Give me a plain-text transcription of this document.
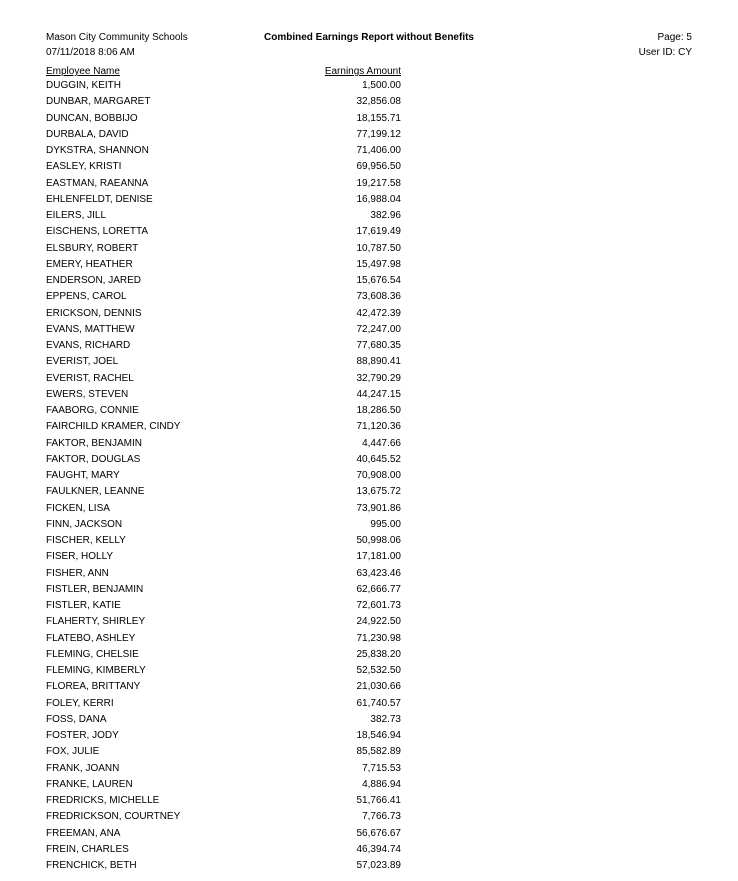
Mason City Community Schools
07/11/2018 8:06 AM
Combined Earnings Report without Benefits	Page: 5
User ID: CY
Employee Name	Earnings Amount
DUGGIN, KEITH	1,500.00
DUNBAR, MARGARET	32,856.08
DUNCAN, BOBBIJO	18,155.71
DURBALA, DAVID	77,199.12
DYKSTRA, SHANNON	71,406.00
EASLEY, KRISTI	69,956.50
EASTMAN, RAEANNA	19,217.58
EHLENFELDT, DENISE	16,988.04
EILERS, JILL	382.96
EISCHENS, LORETTA	17,619.49
ELSBURY, ROBERT	10,787.50
EMERY, HEATHER	15,497.98
ENDERSON, JARED	15,676.54
EPPENS, CAROL	73,608.36
ERICKSON, DENNIS	42,472.39
EVANS, MATTHEW	72,247.00
EVANS, RICHARD	77,680.35
EVERIST, JOEL	88,890.41
EVERIST, RACHEL	32,790.29
EWERS, STEVEN	44,247.15
FAABORG, CONNIE	18,286.50
FAIRCHILD KRAMER, CINDY	71,120.36
FAKTOR, BENJAMIN	4,447.66
FAKTOR, DOUGLAS	40,645.52
FAUGHT, MARY	70,908.00
FAULKNER, LEANNE	13,675.72
FICKEN, LISA	73,901.86
FINN, JACKSON	995.00
FISCHER, KELLY	50,998.06
FISER, HOLLY	17,181.00
FISHER, ANN	63,423.46
FISTLER, BENJAMIN	62,666.77
FISTLER, KATIE	72,601.73
FLAHERTY, SHIRLEY	24,922.50
FLATEBO, ASHLEY	71,230.98
FLEMING, CHELSIE	25,838.20
FLEMING, KIMBERLY	52,532.50
FLOREA, BRITTANY	21,030.66
FOLEY, KERRI	61,740.57
FOSS, DANA	382.73
FOSTER, JODY	18,546.94
FOX, JULIE	85,582.89
FRANK, JOANN	7,715.53
FRANKE, LAUREN	4,886.94
FREDRICKS, MICHELLE	51,766.41
FREDRICKSON, COURTNEY	7,766.73
FREEMAN, ANA	56,676.67
FREIN, CHARLES	46,394.74
FRENCHICK, BETH	57,023.89
